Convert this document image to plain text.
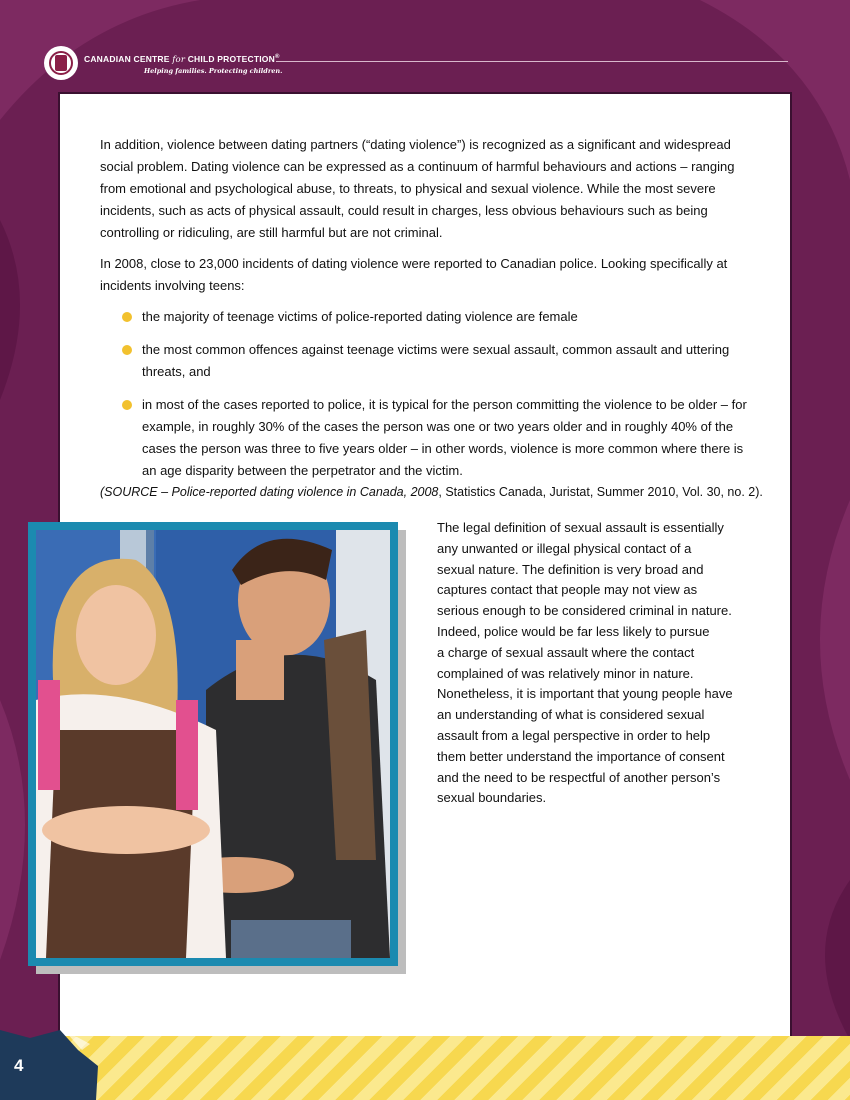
CANADIAN CENTRE for CHILD PROTECTION®
Helping families. Protecting children.

In addition, violence between dating partners (“dating violence”) is recognized as a significant and widespread social problem. Dating violence can be expressed as a continuum of harmful behaviours and actions – ranging from emotional and psychological abuse, to threats, to physical and sexual violence. While the most severe incidents, such as acts of physical assault, could result in charges, less obvious behaviours such as being controlling or ridiculing, are still harmful but are not criminal.

In 2008, close to 23,000 incidents of dating violence were reported to Canadian police. Looking specifically at incidents involving teens:

the majority of teenage victims of police-reported dating violence are female
the most common offences against teenage victims were sexual assault, common assault and uttering threats, and
in most of the cases reported to police, it is typical for the person committing the violence to be older – for example, in roughly 30% of the cases the person was one or two years older and in roughly 40% of the cases the person was three to five years older – in other words, violence is more common where there is an age disparity between the perpetrator and the victim.
(SOURCE – Police-reported dating violence in Canada, 2008, Statistics Canada, Juristat, Summer 2010, Vol. 30, no. 2).
The legal definition of sexual assault is essentially
any unwanted or illegal physical contact of a
sexual nature. The definition is very broad and
captures contact that people may not view as
serious enough to be considered criminal in nature.
Indeed, police would be far less likely to pursue
a charge of sexual assault where the contact
complained of was relatively minor in nature.
Nonetheless, it is important that young people have
an understanding of what is considered sexual
assault from a legal perspective in order to help
them better understand the importance of consent
and the need to be respectful of another person’s
sexual boundaries.
4
